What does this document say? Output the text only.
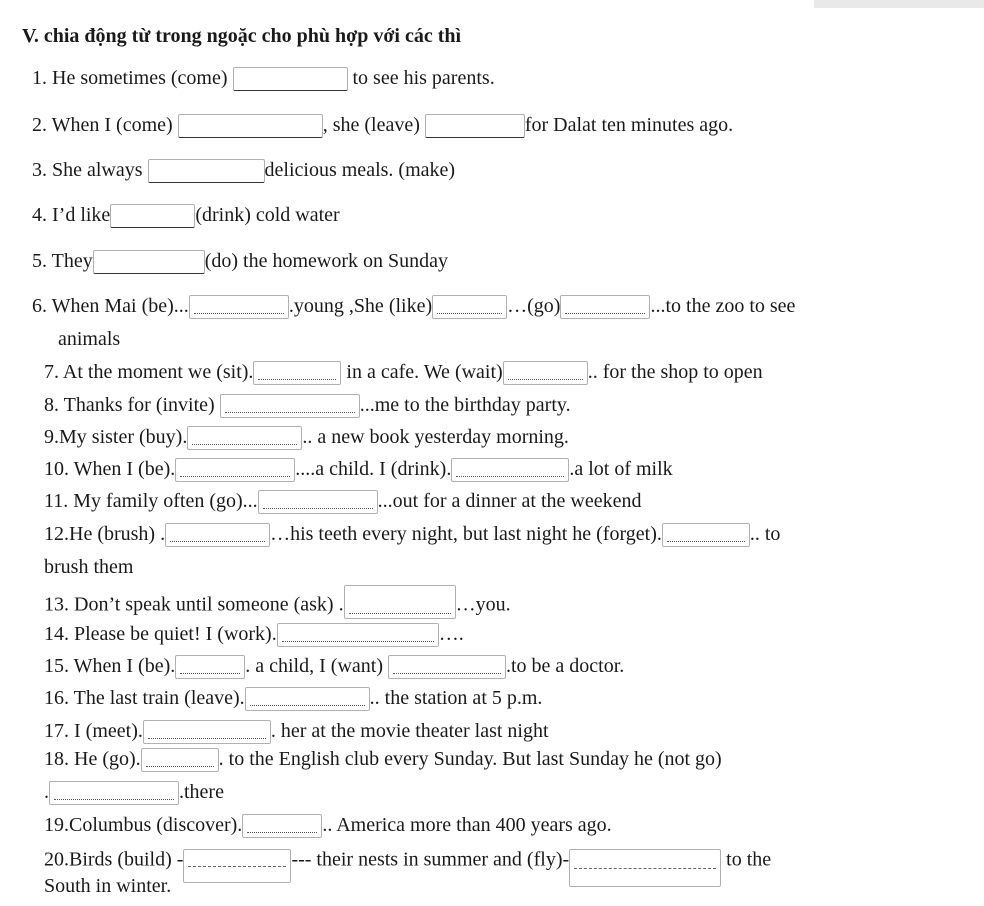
V. chia động từ trong ngoặc cho phù hợp với các thì
1. He sometimes (come)	to see his parents.
2. When I (come)	, she (leave)	for Dalat ten minutes ago.
3. She always	delicious meals. (make)
4. I’d like	(drink) cold water
5. They	(do) the homework on Sunday
6. When Mai (be)...	.young ,She (like)	…(go)	...to the zoo to see
animals
7. At the moment we (sit).	in a cafe. We (wait)	.. for the shop to open
8. Thanks for (invite)	...me to the birthday party.
9.My sister (buy).	.. a new book yesterday morning.
10. When I (be).	....a child. I (drink).	.a lot of milk
11. My family often (go)...	...out for a dinner at the weekend
12.He (brush) .	…his teeth every night, but last night he (forget).	.. to
brush them
13. Don’t speak until someone (ask) .	…you.
14. Please be quiet! I (work).	….
15. When I (be).	. a child, I (want)	.to be a doctor.
16. The last train (leave).	.. the station at 5 p.m.
17. I (meet).	. her at the movie theater last night
18. He (go).	. to the English club every Sunday. But last Sunday he (not go)
.	.there
19.Columbus (discover).	.. America more than 400 years ago.
20.Birds (build) -	--- their nests in summer and (fly)-	to the
South in winter.
